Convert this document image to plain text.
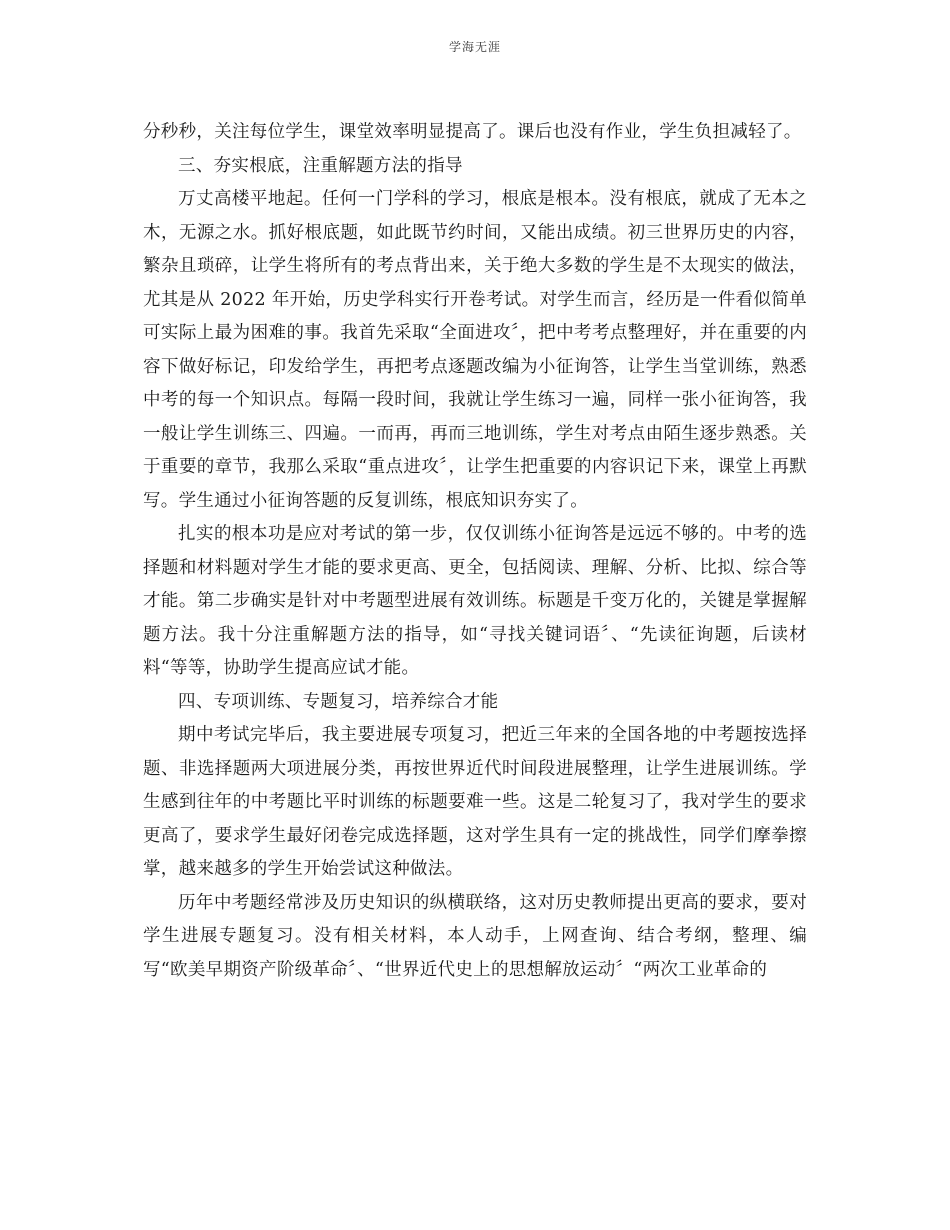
学海无涯

分秒秒，关注每位学生，课堂效率明显提高了。课后也没有作业，学生负担减轻了。

三、夯实根底，注重解题方法的指导

万丈高楼平地起。任何一门学科的学习，根底是根本。没有根底，就成了无本之木，无源之水。抓好根底题，如此既节约时间，又能出成绩。初三世界历史的内容，繁杂且琐碎，让学生将所有的考点背出来，关于绝大多数的学生是不太现实的做法，尤其是从 2022 年开始，历史学科实行开卷考试。对学生而言，经历是一件看似简单可实际上最为困难的事。我首先采取“全面进攻〞，把中考考点整理好，并在重要的内容下做好标记，印发给学生，再把考点逐题改编为小征询答，让学生当堂训练，熟悉中考的每一个知识点。每隔一段时间，我就让学生练习一遍，同样一张小征询答，我一般让学生训练三、四遍。一而再，再而三地训练，学生对考点由陌生逐步熟悉。关于重要的章节，我那么采取“重点进攻〞，让学生把重要的内容识记下来，课堂上再默写。学生通过小征询答题的反复训练，根底知识夯实了。

扎实的根本功是应对考试的第一步，仅仅训练小征询答是远远不够的。中考的选择题和材料题对学生才能的要求更高、更全，包括阅读、理解、分析、比拟、综合等才能。第二步确实是针对中考题型进展有效训练。标题是千变万化的，关键是掌握解题方法。我十分注重解题方法的指导，如“寻找关键词语〞、“先读征询题，后读材料“等等，协助学生提高应试才能。

四、专项训练、专题复习，培养综合才能

期中考试完毕后，我主要进展专项复习，把近三年来的全国各地的中考题按选择题、非选择题两大项进展分类，再按世界近代时间段进展整理，让学生进展训练。学生感到往年的中考题比平时训练的标题要难一些。这是二轮复习了，我对学生的要求更高了，要求学生最好闭卷完成选择题，这对学生具有一定的挑战性，同学们摩拳擦掌，越来越多的学生开始尝试这种做法。

历年中考题经常涉及历史知识的纵横联络，这对历史教师提出更高的要求，要对学生进展专题复习。没有相关材料，本人动手，上网查询、结合考纲，整理、编写“欧美早期资产阶级革命〞、“世界近代史上的思想解放运动〞“两次工业革命的
